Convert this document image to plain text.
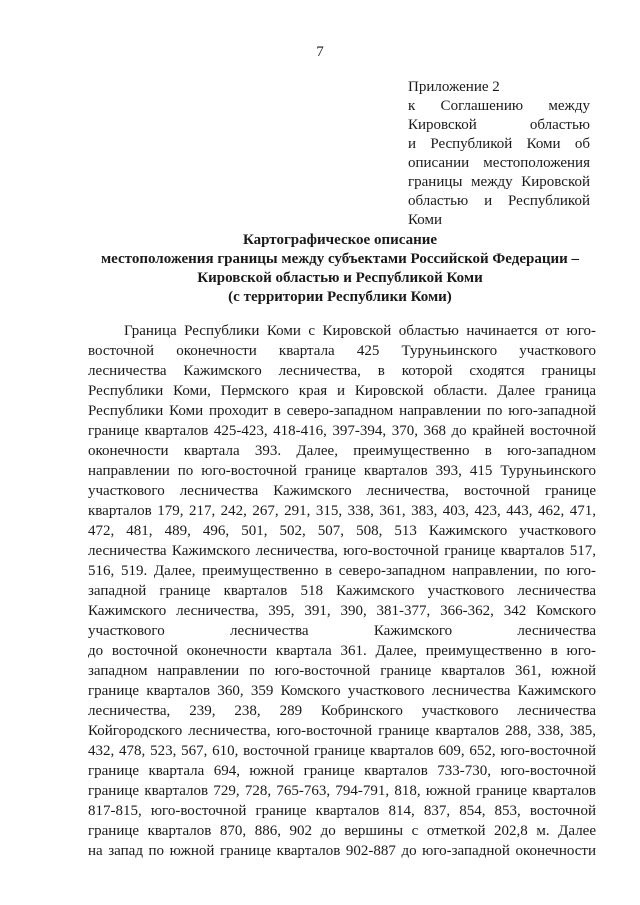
7
Приложение 2
к Соглашению между
Кировской областью
и Республикой Коми об
описании местоположения
границы между Кировской
областью и Республикой
Коми
Картографическое описание
местоположения границы между субъектами Российской Федерации –
Кировской областью и Республикой Коми
(с территории Республики Коми)
Граница Республики Коми с Кировской областью начинается от юго-
восточной оконечности квартала 425 Туруньинского участкового
лесничества Кажимского лесничества, в которой сходятся границы
Республики Коми, Пермского края и Кировской области. Далее граница
Республики Коми проходит в северо-западном направлении по юго-западной
границе кварталов 425-423, 418-416, 397-394, 370, 368 до крайней восточной
оконечности квартала 393. Далее, преимущественно в юго-западном
направлении по юго-восточной границе кварталов 393, 415 Туруньинского
участкового лесничества Кажимского лесничества, восточной границе
кварталов 179, 217, 242, 267, 291, 315, 338, 361, 383, 403, 423, 443, 462, 471,
472, 481, 489, 496, 501, 502, 507, 508, 513 Кажимского участкового
лесничества Кажимского лесничества, юго-восточной границе кварталов 517,
516, 519. Далее, преимущественно в северо-западном направлении, по юго-
западной границе кварталов 518 Кажимского участкового лесничества
Кажимского лесничества, 395, 391, 390, 381-377, 366-362, 342 Комского
участкового лесничества Кажимского лесничества
до восточной оконечности квартала 361. Далее, преимущественно в юго-
западном направлении по юго-восточной границе кварталов 361, южной
границе кварталов 360, 359 Комского участкового лесничества Кажимского
лесничества, 239, 238, 289 Кобринского участкового лесничества
Койгородского лесничества, юго-восточной границе кварталов 288, 338, 385,
432, 478, 523, 567, 610, восточной границе кварталов 609, 652, юго-восточной
границе квартала 694, южной границе кварталов 733-730, юго-восточной
границе кварталов 729, 728, 765-763, 794-791, 818, южной границе кварталов
817-815, юго-восточной границе кварталов 814, 837, 854, 853, восточной
границе кварталов 870, 886, 902 до вершины с отметкой 202,8 м. Далее
на запад по южной границе кварталов 902-887 до юго-западной оконечности
